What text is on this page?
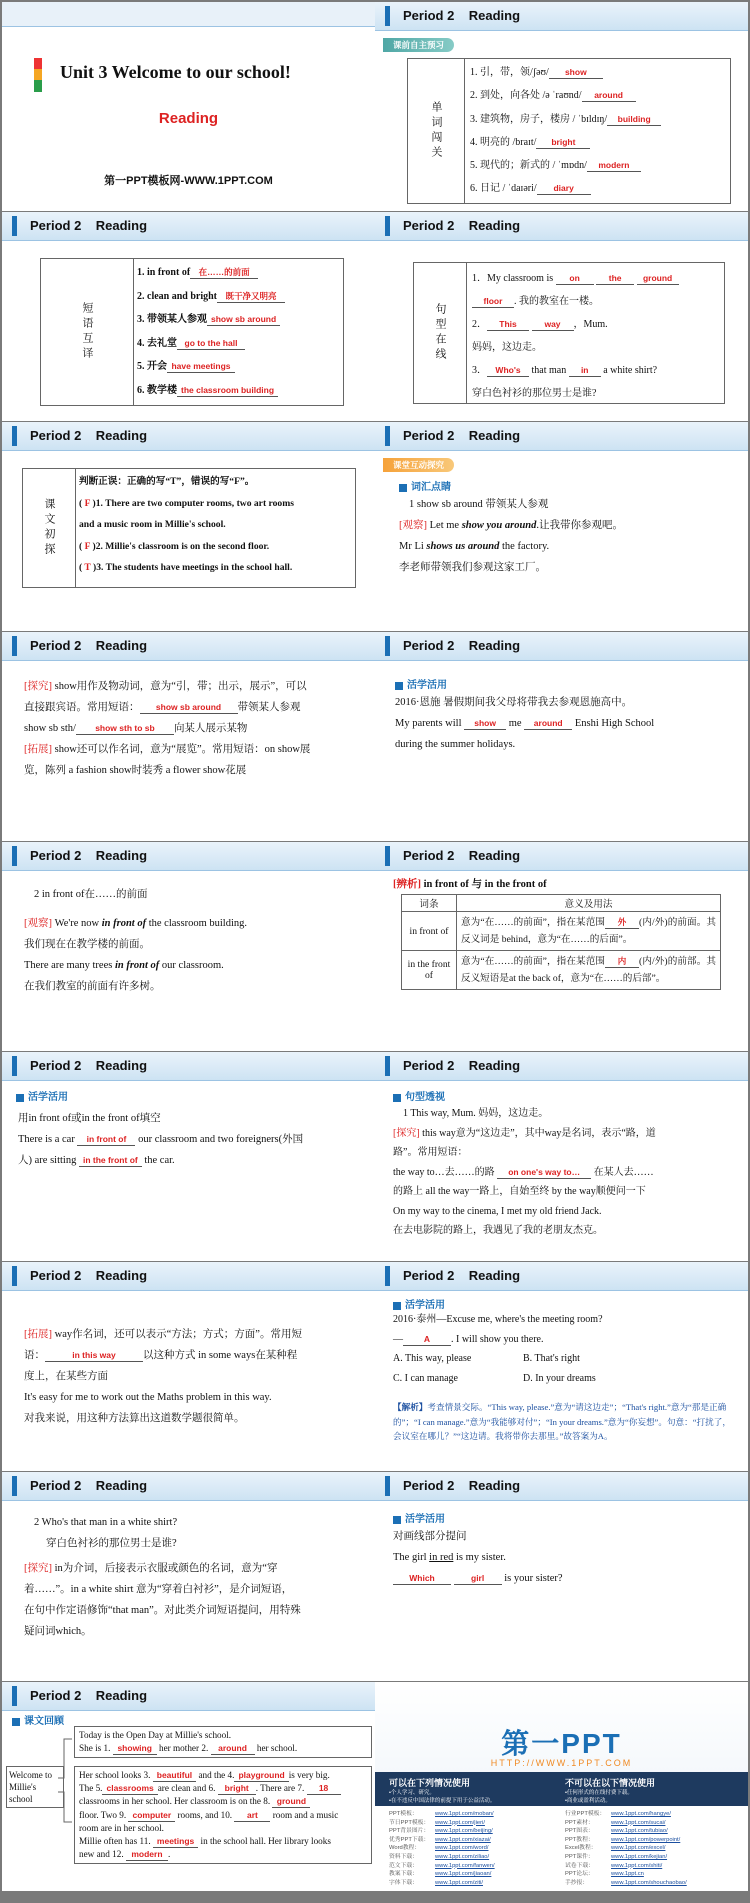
Unit 3 Welcome to our school!
Reading
第一PPT模板网-WWW.1PPT.COM
Period 2    Reading
课前自主预习
单词闯关
1. 引，带，领/ʃəʊ/ show
2. 到处，向各处 /ə ˈraʊnd/ around
3. 建筑物，房子，楼房 / ˈbɪldɪŋ/ building
4. 明亮的 /braɪt/ bright
5. 现代的；新式的 / ˈmɒdn/ modern
6. 日记 / ˈdaɪəri/ diary
Period 2    Reading
短语互译
1. in front of 在……的前面
2. clean and bright 既干净又明亮
3. 带领某人参观 show sb around
4. 去礼堂 go to the hall
5. 开会 have meetings
6. 教学楼 the classroom building
Period 2    Reading
句型在线
1．My classroom is on	the	ground
floor . 我的教室在一楼。
2． This	way ，Mum.
妈妈，这边走。
3． Who's that man in a white shirt?
穿白色衬衫的那位男士是谁?
Period 2    Reading
课文初探
判断正误：正确的写“T”，错误的写“F”。
( F )1. There are two computer rooms, two art rooms
and a music room in Millie's school.
( F )2. Millie's classroom is on the second floor.
( T )3. The students have meetings in the school hall.
Period 2    Reading
课堂互动探究
词汇点睛
1 show sb around 带领某人参观
[观察] Let me show you around.让我带你参观吧。
Mr Li shows us around the factory.
李老师带领我们参观这家工厂。
Period 2    Reading
[探究] show用作及物动词，意为“引，带；出示，展示”，可以
直接跟宾语。常用短语： show sb around 带领某人参观
show sb sth/ show sth to sb 向某人展示某物
[拓展] show还可以作名词，意为“展览”。常用短语：on show展
览，陈列 a fashion show时装秀 a flower show花展
Period 2    Reading
活学活用
2016·恩施 暑假期间我父母将带我去参观恩施高中。
My parents will show me around Enshi High School
during the summer holidays.
Period 2    Reading
2 in front of在……的前面
[观察] We're now in front of the classroom building.
我们现在在教学楼的前面。
There are many trees in front of our classroom.
在我们教室的前面有许多树。
Period 2    Reading
[辨析] in front of 与 in the front of
词条	意义及用法
in front of	意为“在……的前面”，指在某范围 外 (内/外)的前面。其反义词是 behind，意为“在……的后面”。
in the front of	意为“在……的前面”，指在某范围 内 (内/外)的前部。其反义短语是at the back of，意为“在……的后部”。
Period 2    Reading
活学活用
用in front of或in the front of填空
There is a car in front of our classroom and two foreigners(外国
人) are sitting in the front of the car.
Period 2    Reading
句型透视
1 This way, Mum. 妈妈，这边走。
[探究] this way意为“这边走”，其中way是名词，表示“路，道
路”。常用短语：
the way to…去……的路 on one's way to… 在某人去……
的路上 all the way一路上，自始至终 by the way顺便问一下
On my way to the cinema, I met my old friend Jack.
在去电影院的路上，我遇见了我的老朋友杰克。
Period 2    Reading
[拓展] way作名词，还可以表示“方法；方式；方面”。常用短
语：	in this way	以这种方式 in some ways在某种程
度上，在某些方面
It's easy for me to work out the Maths problem in this way.
对我来说，用这种方法算出这道数学题很简单。
Period 2    Reading
活学活用
2016·泰州—Excuse me, where's the meeting room?
— A . I will show you there.
A. This way, please	B. That's right
C. I can manage	D. In your dreams
【解析】考查情景交际。“This way, please.”意为“请这边走”；“That's right.”意为“那是正确的”；“I can manage.”意为“我能够对付”；“In your dreams.”意为“你妄想”。句意：“打扰了，会议室在哪儿？”“这边请。我将带你去那里。”故答案为A。
Period 2    Reading
2 Who's that man in a white shirt?
穿白色衬衫的那位男士是谁?
[探究] in为介词，后接表示衣服或颜色的名词，意为“穿
着……”。in a white shirt 意为“穿着白衬衫”，是介词短语，
在句中作定语修饰“that man”。对此类介词短语提问，用特殊
疑问词which。
Period 2    Reading
活学活用
对画线部分提问
The girl in red is my sister.
Which	girl is your sister?
Period 2    Reading
课文回顾
Welcome to Millie's school
Today is the Open Day at Millie's school.
She is 1. showing her mother 2. around her school.
Her school looks 3. beautiful and the 4. playground is very big.
The 5. classrooms are clean and 6. bright . There are 7. 18
classrooms in her school. Her classroom is on the 8. ground
floor. Two 9. computer rooms, and 10. art room and a music
room are in her school.
Millie often has 11. meetings in the school hall. Her library looks
new and 12. modern .
第一PPT
HTTP://WWW.1PPT.COM
可以在下列情况使用
•个人学习、研究。
•在不违反中国法律的前提下用于公益活动。
不可以在以下情况使用
•任何形式的在线付费下载。
•商业或盈利活动。
PPT模板：	www.1ppt.com/moban/
节日PPT模板： www.1ppt.com/jieri/
PPT背景图片： www.1ppt.com/beijing/
优秀PPT下载： www.1ppt.com/xiazai/
Word教程：	www.1ppt.com/word/
资料下载：	www.1ppt.com/ziliao/
范文下载：	www.1ppt.com/fanwen/
教案下载：	www.1ppt.com/jiaoan/
字体下载：	www.1ppt.com/ziti/
行业PPT模板： www.1ppt.com/hangye/
PPT素材：	www.1ppt.com/sucai/
PPT图表：	www.1ppt.com/tubiao/
PPT教程：	www.1ppt.com/powerpoint/
Excel教程： www.1ppt.com/excel/
PPT课件：	www.1ppt.com/kejian/
试卷下载：	www.1ppt.com/shiti/
PPT论坛：	www.1ppt.cn
手抄报：	www.1ppt.com/shouchaobao/
